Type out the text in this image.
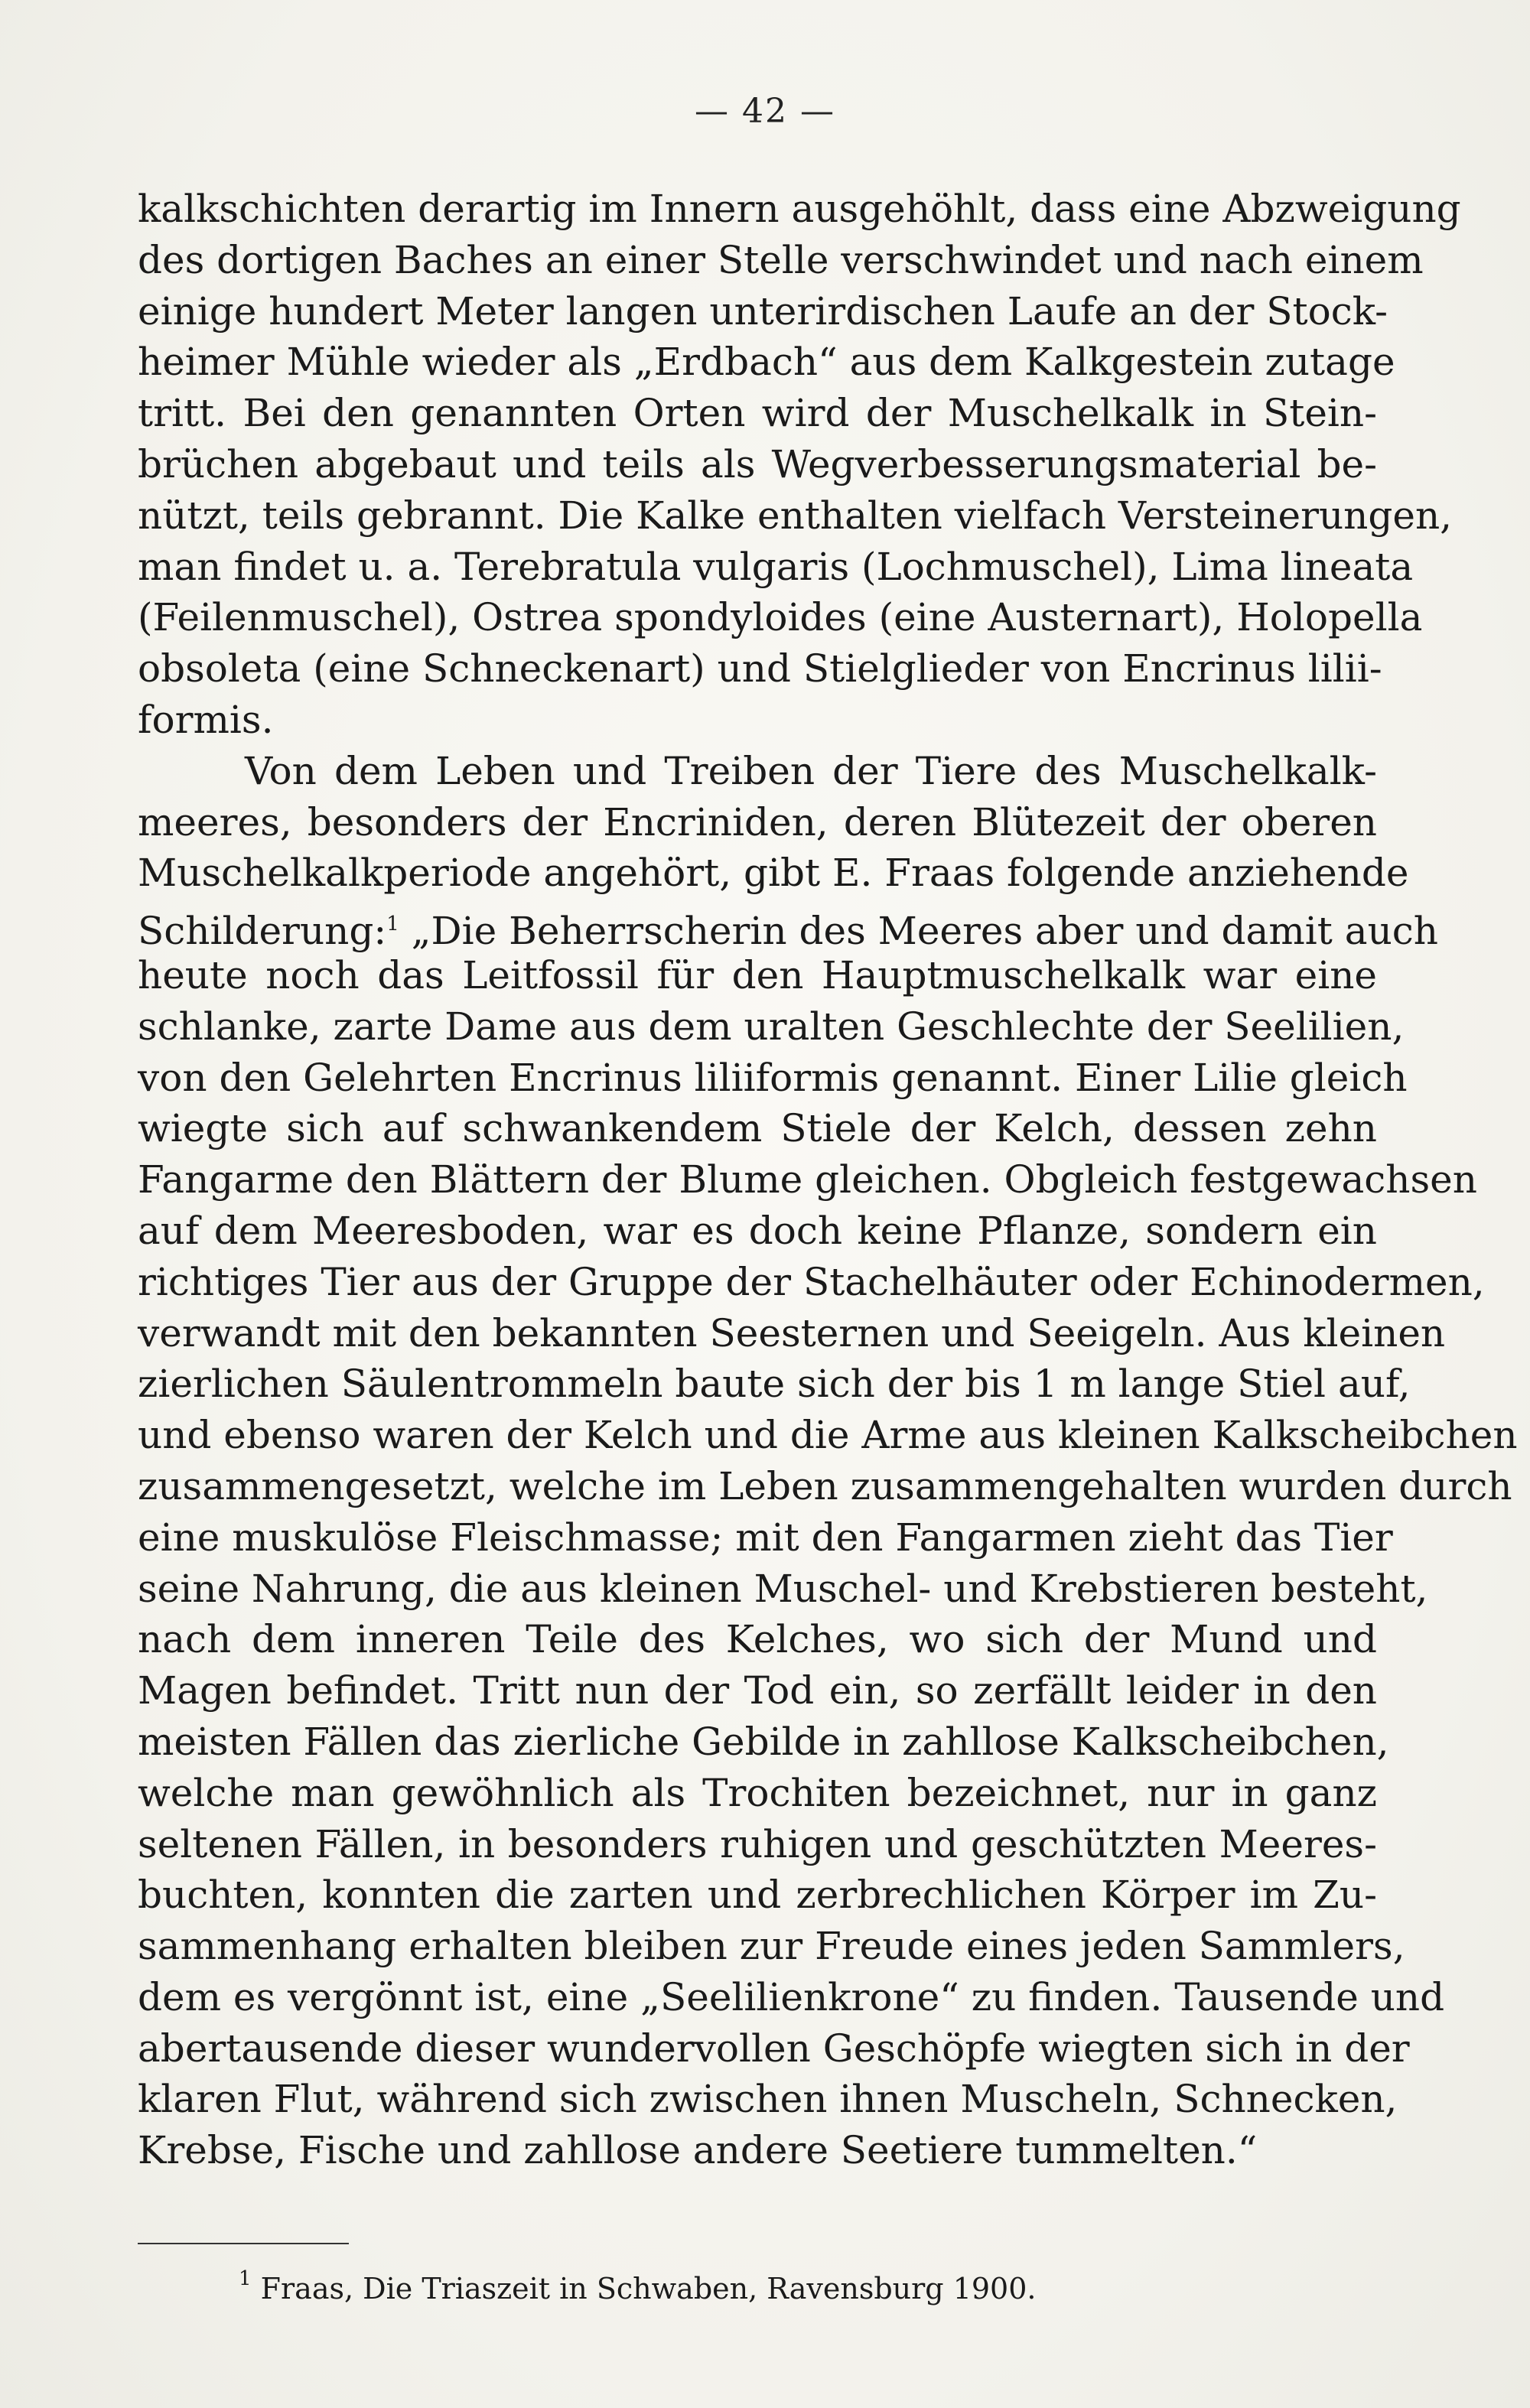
— 42 —
kalkschichten derartig im Innern ausgehöhlt, dass eine Abzweigung
des dortigen Baches an einer Stelle verschwindet und nach einem
einige hundert Meter langen unterirdischen Laufe an der Stock-
heimer Mühle wieder als „Erdbach“ aus dem Kalkgestein zutage
tritt. Bei den genannten Orten wird der Muschelkalk in Stein-
brüchen abgebaut und teils als Wegverbesserungsmaterial be-
nützt, teils gebrannt. Die Kalke enthalten vielfach Versteinerungen,
man findet u. a. Terebratula vulgaris (Lochmuschel), Lima lineata
(Feilenmuschel), Ostrea spondyloides (eine Austernart), Holopella
obsoleta (eine Schneckenart) und Stielglieder von Encrinus lilii-
formis.
Von dem Leben und Treiben der Tiere des Muschelkalk-
meeres, besonders der Encriniden, deren Blütezeit der oberen
Muschelkalkperiode angehört, gibt E. Fraas folgende anziehende
Schilderung:$^1$ „Die Beherrscherin des Meeres aber und damit auch
heute noch das Leitfossil für den Hauptmuschelkalk war eine
schlanke, zarte Dame aus dem uralten Geschlechte der Seelilien,
von den Gelehrten Encrinus liliiformis genannt. Einer Lilie gleich
wiegte sich auf schwankendem Stiele der Kelch, dessen zehn
Fangarme den Blättern der Blume gleichen. Obgleich festgewachsen
auf dem Meeresboden, war es doch keine Pflanze, sondern ein
richtiges Tier aus der Gruppe der Stachelhäuter oder Echinodermen,
verwandt mit den bekannten Seesternen und Seeigeln. Aus kleinen
zierlichen Säulentrommeln baute sich der bis 1 m lange Stiel auf,
und ebenso waren der Kelch und die Arme aus kleinen Kalkscheibchen
zusammengesetzt, welche im Leben zusammengehalten wurden durch
eine muskulöse Fleischmasse; mit den Fangarmen zieht das Tier
seine Nahrung, die aus kleinen Muschel- und Krebstieren besteht,
nach dem inneren Teile des Kelches, wo sich der Mund und
Magen befindet. Tritt nun der Tod ein, so zerfällt leider in den
meisten Fällen das zierliche Gebilde in zahllose Kalkscheibchen,
welche man gewöhnlich als Trochiten bezeichnet, nur in ganz
seltenen Fällen, in besonders ruhigen und geschützten Meeres-
buchten, konnten die zarten und zerbrechlichen Körper im Zu-
sammenhang erhalten bleiben zur Freude eines jeden Sammlers,
dem es vergönnt ist, eine „Seelilienkrone“ zu finden. Tausende und
abertausende dieser wundervollen Geschöpfe wiegten sich in der
klaren Flut, während sich zwischen ihnen Muscheln, Schnecken,
Krebse, Fische und zahllose andere Seetiere tummelten.“
$^1$ Fraas, Die Triaszeit in Schwaben, Ravensburg 1900.
